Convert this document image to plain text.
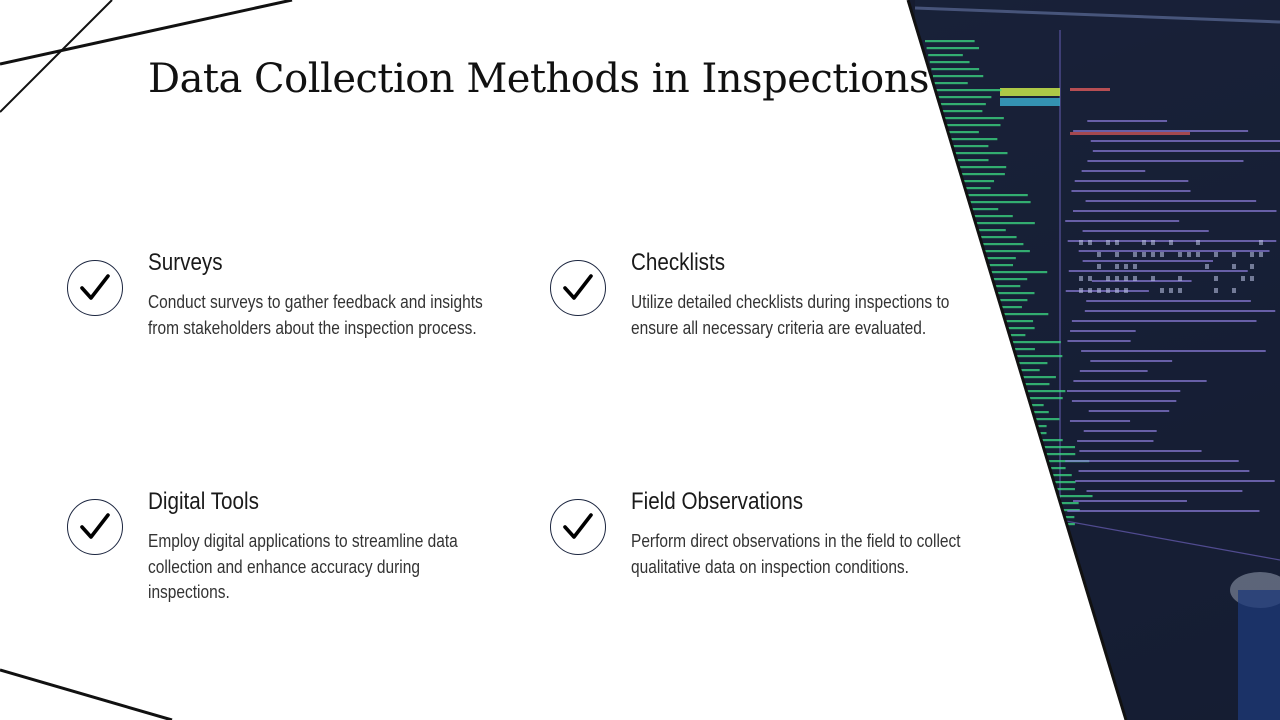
Data Collection Methods in Inspections
Surveys

Conduct surveys to gather feedback and insights from stakeholders about the inspection process.

Checklists

Utilize detailed checklists during inspections to ensure all necessary criteria are evaluated.

Digital Tools

Employ digital applications to streamline data collection and enhance accuracy during inspections.

Field Observations

Perform direct observations in the field to collect qualitative data on inspection conditions.
